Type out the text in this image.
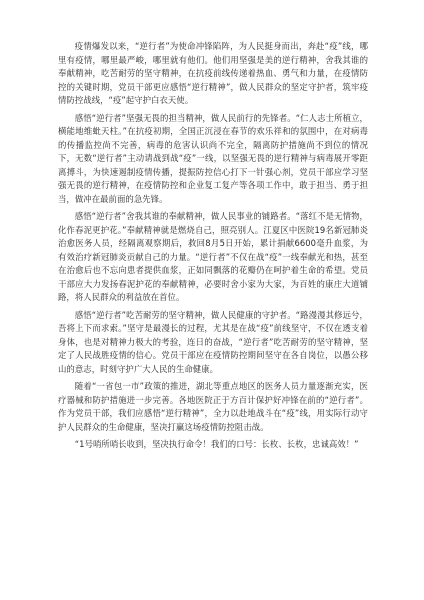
疫情爆发以来，“逆行者”为使命冲锋陷阵，为人民挺身而出，奔赴“疫”线，哪里有疫情，哪里最严峻，哪里就有他们。他们用坚强是美的逆行精神，舍我其谁的奉献精神，吃苦耐劳的坚守精神，在抗疫前线传递着热血、勇气和力量，在疫情防控的关键时期，党员干部更应感悟“逆行精神”，做人民群众的坚定守护者，筑牢疫情防控战线，“疫”起守护白衣天使。

感悟“逆行者”坚强无畏的担当精神，做人民前行的先锋者。“仁人志士所植立，横能地维蚍天柱。”在抗疫初期，全国正沉浸在春节的欢乐祥和的氛围中，在对病毒的传播监控尚不完善，病毒的危害认识尚不完全，隔离防护措施尚不到位的情况下，无数“逆行者”主动请战到战“疫”一线，以坚强无畏的逆行精神与病毒展开零距离搏斗，为快速遏制疫情传播，提振防控信心打下一针强心剂，党员干部应学习坚强无畏的逆行精神，在疫情防控和企业复工复产等各项工作中，敢于担当、勇于担当，做冲在最前面的急先锋。

感悟“逆行者”舍我其谁的奉献精神，做人民事业的铺路者。“落红不是无情物，化作春泥更护花。”奉献精神就是燃烧自己，照亮别人。江夏区中医院19名新冠肺炎治愈医务人员，经隔离观察期后，救回8月5日开始，累计捐献6600毫升血浆，为有效治疗新冠肺炎贡献自己的力量。“逆行者”不仅在战“疫”一线奉献光和热，甚至在治愈后也不忘向患者提供血浆，正如同飘落的花瓣仍在呵护着生命的希望。党员干部应大力发扬春泥护花的奉献精神，必要时舍小家为大家，为百姓的康庄大道铺路，将人民群众的利益放在首位。

感悟“逆行者”吃苦耐劳的坚守精神，做人民健康的守护者。“路漫漫其修远兮，吾将上下而求索。”坚守是最漫长的过程，尤其是在战“疫”前线坚守，不仅在透支着身体，也是对精神力极大的考验，连日的奋战，“逆行者”吃苦耐劳的坚守精神，坚定了人民战胜疫情的信心。党员干部应在疫情防控期间坚守在各自岗位，以愚公移山的意志，时刻守护广大人民的生命健康。

随着“一省包一市”政策的推进，湖北等重点地区的医务人员力量逐渐充实，医疗器械和防护措施进一步完善。各地医院正于方百计保护好冲锋在前的“逆行者”。作为党员干部，我们应感悟“逆行精神”，全力以赴地战斗在“疫”线，用实际行动守护人民群众的生命健康，坚决打赢这场疫情防控阻击战。

“1号哨所哨长收到，坚决执行命令！我们的口号：长枚、长枚，忠诚高效！”
